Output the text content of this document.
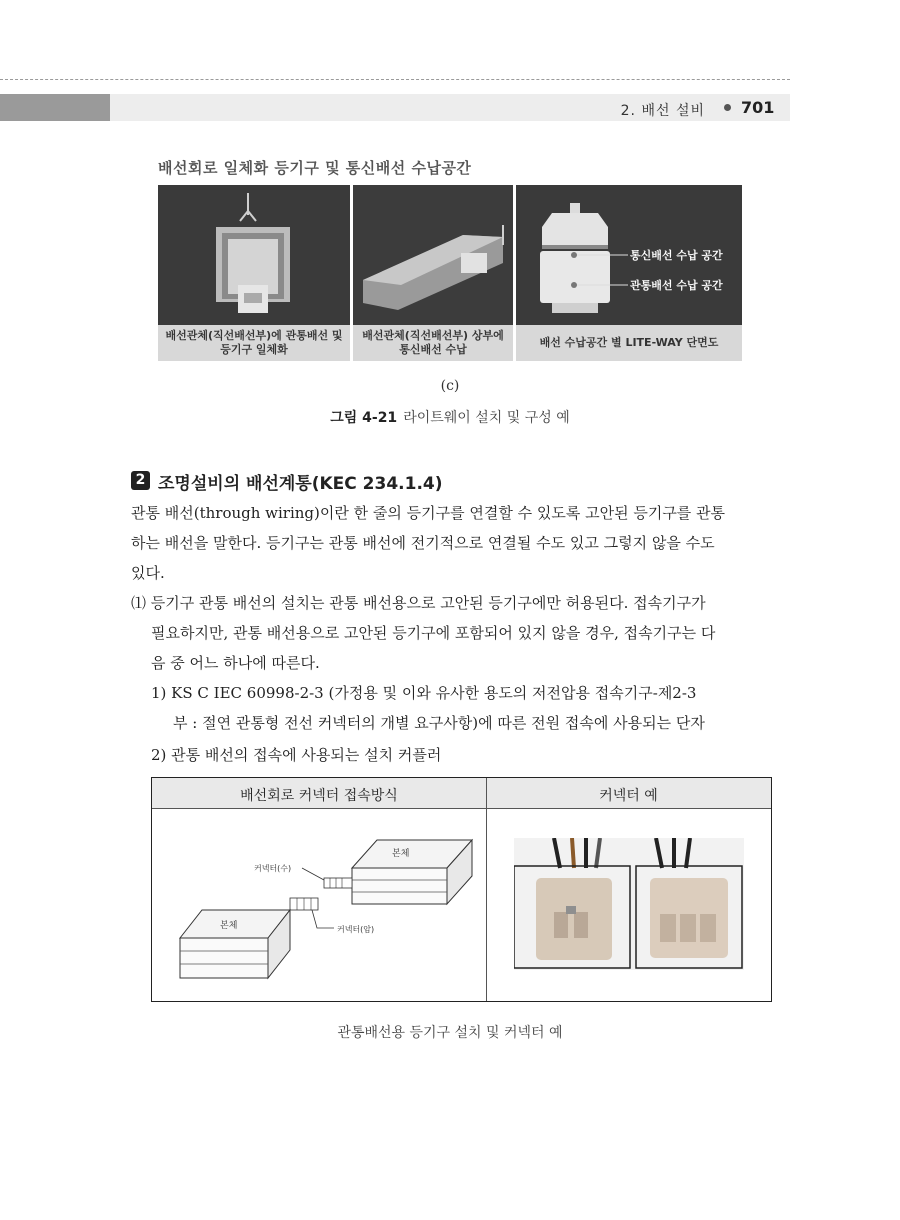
2. 배선 설비 701
배선회로 일체화 등기구 및 통신배선 수납공간
배선관체(직선배선부)에 관통배선 및
등기구 일체화
배선관체(직선배선부) 상부에
통신배선 수납
통신배선 수납 공간
관통배선 수납 공간
배선 수납공간 별 LITE-WAY 단면도
(c)
그림 4-21 라이트웨이 설치 및 구성 예
2 조명설비의 배선계통(KEC 234.1.4)
관통 배선(through wiring)이란 한 줄의 등기구를 연결할 수 있도록 고안된 등기구를 관통
하는 배선을 말한다. 등기구는 관통 배선에 전기적으로 연결될 수도 있고 그렇지 않을 수도
있다.
⑴ 등기구 관통 배선의 설치는 관통 배선용으로 고안된 등기구에만 허용된다. 접속기구가
필요하지만, 관통 배선용으로 고안된 등기구에 포함되어 있지 않을 경우, 접속기구는 다
음 중 어느 하나에 따른다.
1) KS C IEC 60998-2-3 (가정용 및 이와 유사한 용도의 저전압용 접속기구-제2-3
부 : 절연 관통형 전선 커넥터의 개별 요구사항)에 따른 전원 접속에 사용되는 단자
2) 관통 배선의 접속에 사용되는 설치 커플러
배선회로 커넥터 접속방식	커넥터 예
본체
커넥터(수)
커넥터(암)
본체
관통배선용 등기구 설치 및 커넥터 예
